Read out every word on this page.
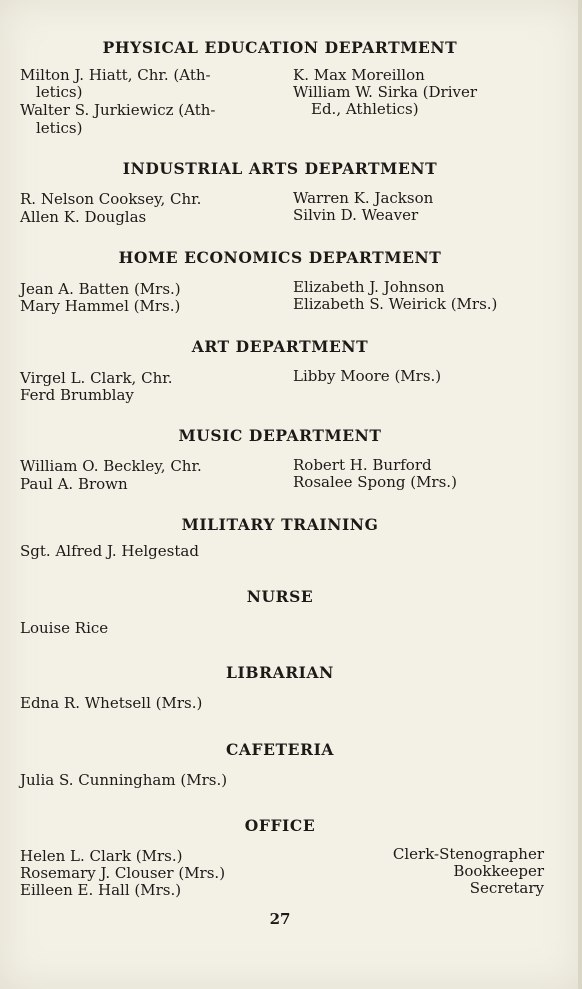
PHYSICAL EDUCATION DEPARTMENT
Milton J. Hiatt, Chr. (Ath-
letics)
Walter S. Jurkiewicz (Ath-
letics)
K. Max Moreillon
William W. Sirka (Driver
Ed., Athletics)
INDUSTRIAL ARTS DEPARTMENT
R. Nelson Cooksey, Chr.
Allen K. Douglas
Warren K. Jackson
Silvin D. Weaver
HOME ECONOMICS DEPARTMENT
Jean A. Batten (Mrs.)
Mary Hammel (Mrs.)
Elizabeth J. Johnson
Elizabeth S. Weirick (Mrs.)
ART DEPARTMENT
Virgel L. Clark, Chr.
Ferd Brumblay
Libby Moore (Mrs.)
MUSIC DEPARTMENT
William O. Beckley, Chr.
Paul A. Brown
Robert H. Burford
Rosalee Spong (Mrs.)
MILITARY TRAINING
Sgt. Alfred J. Helgestad
NURSE
Louise Rice
LIBRARIAN
Edna R. Whetsell (Mrs.)
CAFETERIA
Julia S. Cunningham (Mrs.)
OFFICE
Helen L. Clark (Mrs.)
Rosemary J. Clouser (Mrs.)
Eilleen E. Hall (Mrs.)
Clerk-Stenographer
Bookkeeper
Secretary
27
